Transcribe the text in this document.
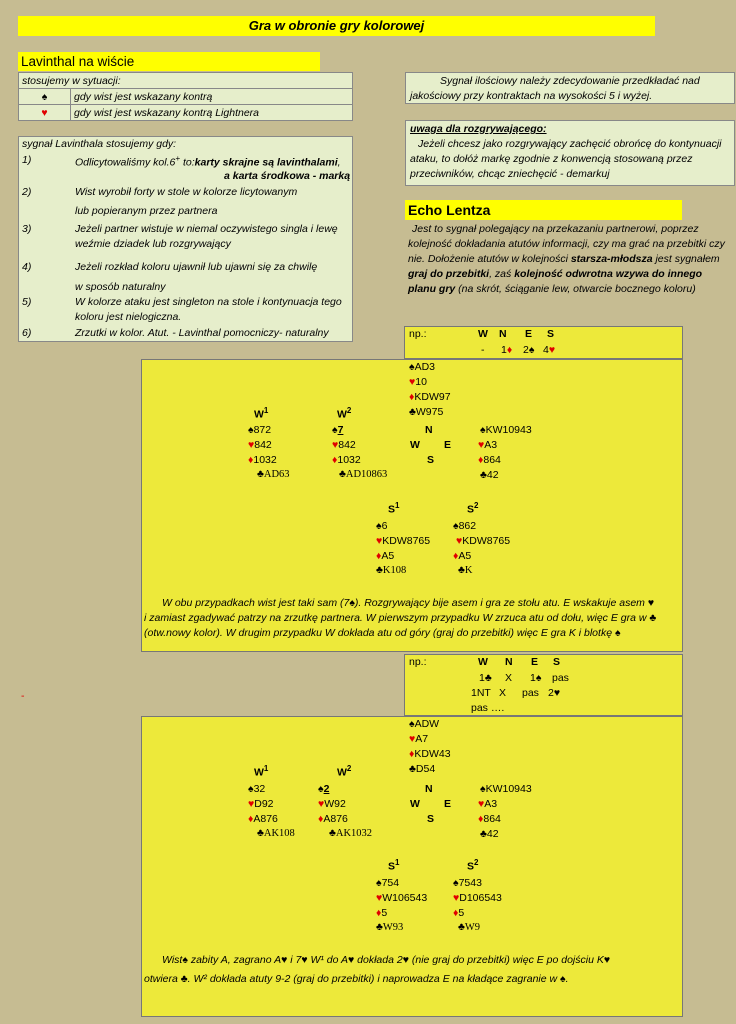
Gra w obronie gry kolorowej
Lavinthal na wiście
stosujemy w sytuacji:	
♠	gdy wist jest wskazany kontrą
♥	gdy wist jest wskazany kontrą Lightnera
sygnał Lavinthala stosujemy gdy:
1)	Odlicytowaliśmy kol.6+ to:karty skrajne są lavinthalami,
a karta środkowa - marką
2)	Wist wyrobił forty w stole w kolorze licytowanym
lub popieranym przez partnera
3)	Jeżeli partner wistuje w niemal oczywistego singla i lewę
weźmie dziadek lub rozgrywający
4)	Jeżeli rozkład koloru ujawnił lub ujawni się za chwilę
w sposób naturalny
5)	W kolorze ataku jest singleton na stole i kontynuacja tego
koloru jest nielogiczna.
6)	Zrzutki w kolor. Atut. - Lavinthal pomocniczy- naturalny
Sygnał ilościowy należy zdecydowanie przedkładać nad
jakościowy przy kontraktach na wysokości 5 i wyżej.
uwaga dla rozgrywającego:
Jeżeli chcesz jako rozgrywający zachęcić obrońcę do kontynuacji
ataku, to dołóż markę zgodnie z konwencją stosowaną przez
przeciwników, chcąc zniechęcić - demarkuj
Echo Lentza
Jest to sygnał polegający na przekazaniu partnerowi, poprzez kolejność dokładania atutów informacji, czy ma grać na przebitki czy nie. Dołożenie atutów w kolejności starsza-młodsza jest sygnałem
graj do przebitki, zaś kolejność odwrotna wzywa do innego planu gry (na skrót, ściąganie lew, otwarcie bocznego koloru)
np.:	W N E S
- 1♦ 2♠ 4♥
♠AD3
♥10
♦KDW97
♣W975
$W^1$	$W^2$
♠872
♥842
♦1032
♣AD63
♠7
♥842
♦1032
♣AD10863
N
W E
S
♠KW10943
♥A3
♦864
♣42
$S^1$	$S^2$
♠6
♥KDW8765
♦A5
♣K108
♠862
♥KDW8765
♦A5
♣K
W obu przypadkach wist jest taki sam (7♠). Rozgrywający bije asem i gra ze stołu atu. E wskakuje asem ♥
i zamiast zgadywać patrzy na zrzutkę partnera. W pierwszym przypadku W zrzuca atu od dołu, więc E gra w ♣
(otw.nowy kolor). W drugim przypadku W dokłada atu od góry (graj do przebitki) więc E gra K i blotkę ♠
-
np.:	W N E S
1♣ X 1♠ pas
1NT X pas 2♥
pas ….
♠ADW
♥A7
♦KDW43
♣D54
$W^1$	$W^2$
♠32
♥D92
♦A876
♣AK108
♠2
♥W92
♦A876
♣AK1032
N
W E
S
♠KW10943
♥A3
♦864
♣42
$S^1$	$S^2$
♠754
♥W106543
♦5
♣W93
♠7543
♥D106543
♦5
♣W9
Wist♠ zabity A, zagrano A♥ i 7♥ W¹ do A♥ dokłada 2♥ (nie graj do przebitki) więc E po dojściu K♥
otwiera ♣. W² dokłada atuty 9-2 (graj do przebitki) i naprowadza E na kładące zagranie w ♠.
